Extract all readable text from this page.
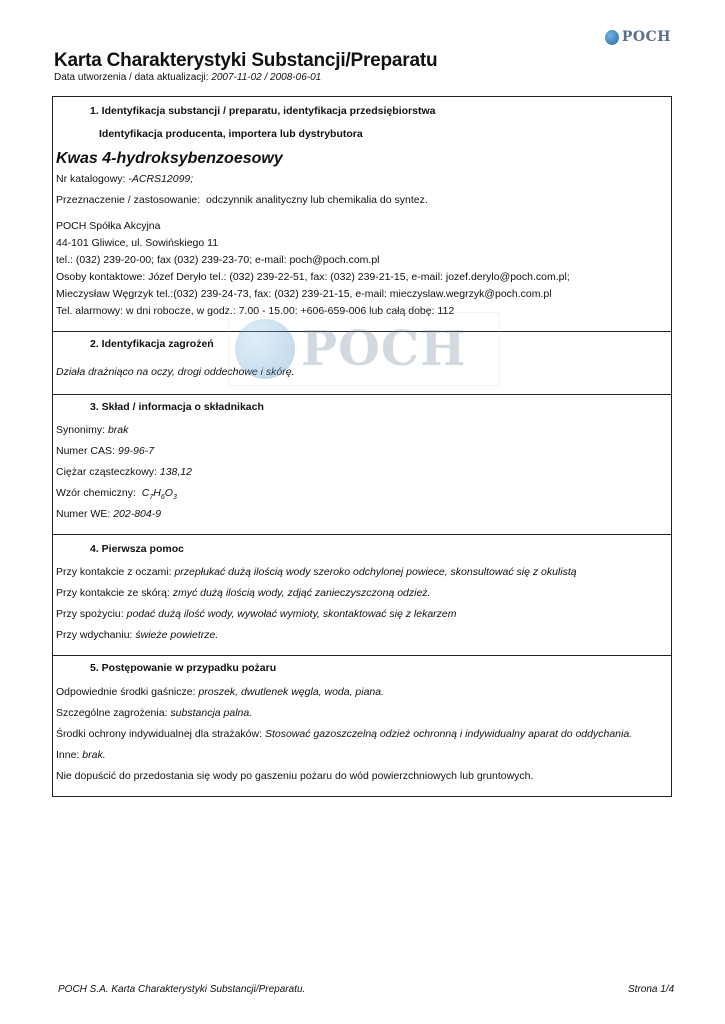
POCH
Karta Charakterystyki Substancji/Preparatu
Data utworzenia / data aktualizacji: 2007-11-02 / 2008-06-01
1. Identyfikacja substancji / preparatu, identyfikacja przedsiębiorstwa
Identyfikacja producenta, importera lub dystrybutora
Kwas 4-hydroksybenzoesowy
Nr katalogowy: -ACRS12099;
Przeznaczenie / zastosowanie: odczynnik analityczny lub chemikalia do syntez.
POCH Spółka Akcyjna
44-101 Gliwice, ul. Sowińskiego 11
tel.: (032) 239-20-00; fax (032) 239-23-70; e-mail: poch@poch.com.pl
Osoby kontaktowe: Józef Deryło tel.: (032) 239-22-51, fax: (032) 239-21-15, e-mail: jozef.derylo@poch.com.pl;
Mieczysław Węgrzyk tel.:(032) 239-24-73, fax: (032) 239-21-15, e-mail: mieczyslaw.wegrzyk@poch.com.pl
Tel. alarmowy: w dni robocze, w godz.: 7.00 - 15.00: +606-659-006 lub całą dobę: 112
2. Identyfikacja zagrożeń
Działa drażniąco na oczy, drogi oddechowe i skórę.
3. Skład / informacja o składnikach
Synonimy: brak
Numer CAS: 99-96-7
Ciężar cząsteczkowy: 138,12
Wzór chemiczny: $C_7H_6O_3$
Numer WE: 202-804-9
4. Pierwsza pomoc
Przy kontakcie z oczami: przepłukać dużą ilością wody szeroko odchylonej powiece, skonsultować się z okulistą
Przy kontakcie ze skórą: zmyć dużą ilością wody, zdjąć zanieczyszczoną odzież.
Przy spożyciu: podać dużą ilość wody, wywołać wymioty, skontaktować się z lekarzem
Przy wdychaniu: świeże powietrze.
5. Postępowanie w przypadku pożaru
Odpowiednie środki gaśnicze: proszek, dwutlenek węgla, woda, piana.
Szczególne zagrożenia: substancja palna.
Środki ochrony indywidualnej dla strażaków: Stosować gazoszczelną odzież ochronną i indywidualny aparat do oddychania.
Inne: brak.
Nie dopuścić do przedostania się wody po gaszeniu pożaru do wód powierzchniowych lub gruntowych.
POCH
POCH S.A. Karta Charakterystyki Substancji/Preparatu.	Strona 1/4
